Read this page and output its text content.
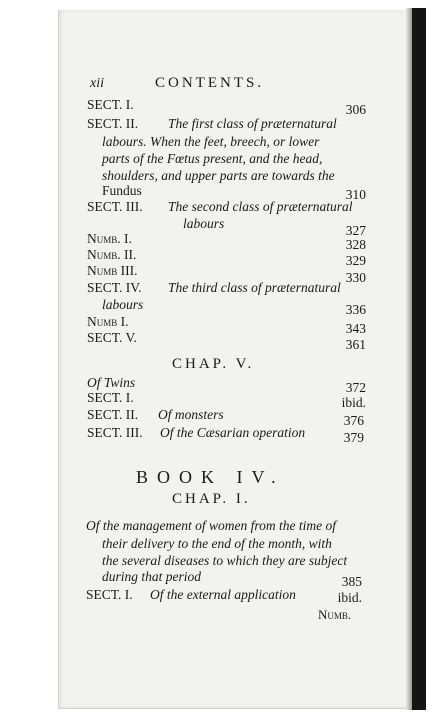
xii	CONTENTS.
SECT. I.	306
SECT. II. The first class of præternatural
labours. When the feet, breech, or lower
parts of the Fœtus present, and the head,
shoulders, and upper parts are towards the
Fundus	310
SECT. III. The second class of præternatural
labours	327
Numb. I.	328
Numb. II.	329
Numb III.	330
SECT. IV. The third class of præternatural
labours	336
Numb I.	343
SECT. V.	361
CHAP. V.
Of Twins	372
SECT. I.	ibid.
SECT. II. Of monsters	376
SECT. III. Of the Cæsarian operation	379
BOOK IV.
CHAP. I.
Of the management of women from the time of
their delivery to the end of the month, with
the several diseases to which they are subject
during that period	385
SECT. I. Of the external application	ibid.
Numb.
